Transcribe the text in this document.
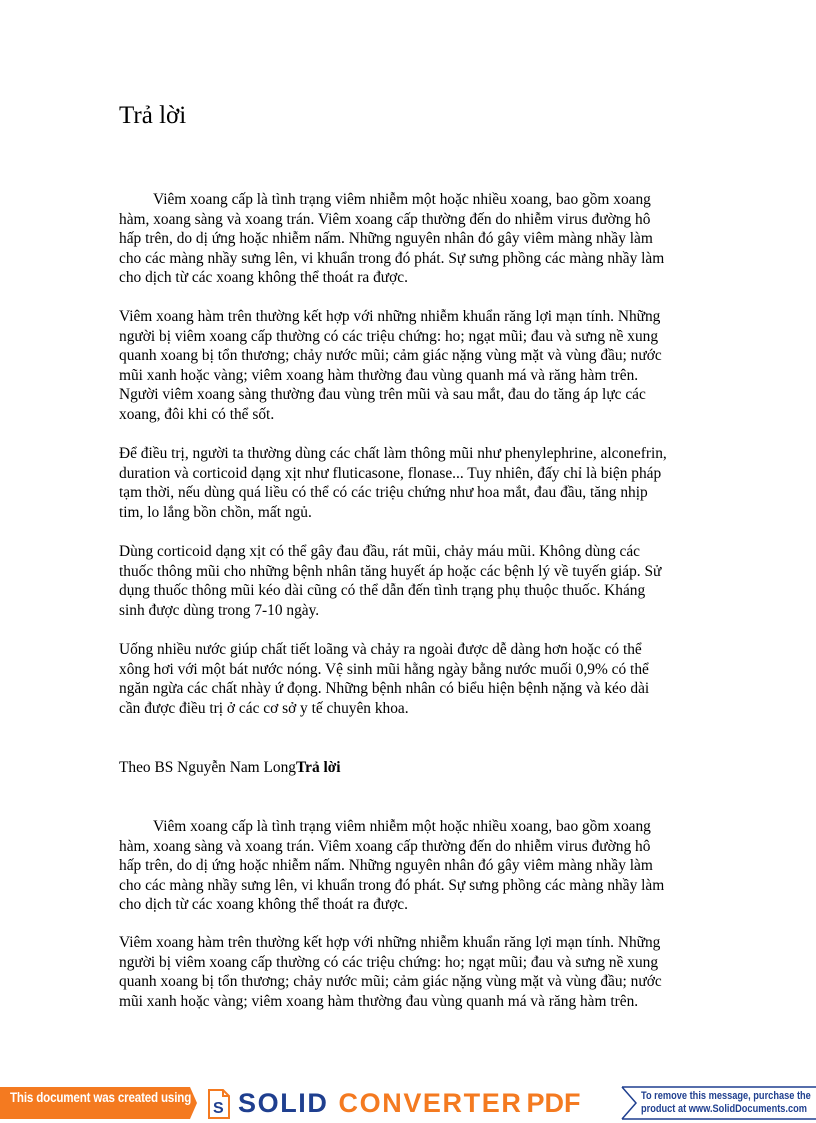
Trả lời

Viêm xoang cấp là tình trạng viêm nhiễm một hoặc nhiều xoang, bao gồm xoang
hàm, xoang sàng và xoang trán. Viêm xoang cấp thường đến do nhiễm virus đường hô
hấp trên, do dị ứng hoặc nhiễm nấm. Những nguyên nhân đó gây viêm màng nhầy làm
cho các màng nhầy sưng lên, vi khuẩn trong đó phát. Sự sưng phồng các màng nhầy làm
cho dịch từ các xoang không thể thoát ra được.

Viêm xoang hàm trên thường kết hợp với những nhiễm khuẩn răng lợi mạn tính. Những
người bị viêm xoang cấp thường có các triệu chứng: ho; ngạt mũi; đau và sưng nề xung
quanh xoang bị tổn thương; chảy nước mũi; cảm giác nặng vùng mặt và vùng đầu; nước
mũi xanh hoặc vàng; viêm xoang hàm thường đau vùng quanh má và răng hàm trên.
Người viêm xoang sàng thường đau vùng trên mũi và sau mắt, đau do tăng áp lực các
xoang, đôi khi có thể sốt.

Để điều trị, người ta thường dùng các chất làm thông mũi như phenylephrine, alconefrin,
duration và corticoid dạng xịt như fluticasone, flonase... Tuy nhiên, đấy chỉ là biện pháp
tạm thời, nếu dùng quá liều có thể có các triệu chứng như hoa mắt, đau đầu, tăng nhịp
tim, lo lắng bồn chồn, mất ngủ.

Dùng corticoid dạng xịt có thể gây đau đầu, rát mũi, chảy máu mũi. Không dùng các
thuốc thông mũi cho những bệnh nhân tăng huyết áp hoặc các bệnh lý về tuyến giáp. Sử
dụng thuốc thông mũi kéo dài cũng có thể dẫn đến tình trạng phụ thuộc thuốc. Kháng
sinh được dùng trong 7-10 ngày.

Uống nhiều nước giúp chất tiết loãng và chảy ra ngoài được dễ dàng hơn hoặc có thể
xông hơi với một bát nước nóng. Vệ sinh mũi hằng ngày bằng nước muối 0,9% có thể
ngăn ngừa các chất nhày ứ đọng. Những bệnh nhân có biểu hiện bệnh nặng và kéo dài
cần được điều trị ở các cơ sở y tế chuyên khoa.

Theo BS Nguyễn Nam LongTrả lời

Viêm xoang cấp là tình trạng viêm nhiễm một hoặc nhiều xoang, bao gồm xoang
hàm, xoang sàng và xoang trán. Viêm xoang cấp thường đến do nhiễm virus đường hô
hấp trên, do dị ứng hoặc nhiễm nấm. Những nguyên nhân đó gây viêm màng nhầy làm
cho các màng nhầy sưng lên, vi khuẩn trong đó phát. Sự sưng phồng các màng nhầy làm
cho dịch từ các xoang không thể thoát ra được.

Viêm xoang hàm trên thường kết hợp với những nhiễm khuẩn răng lợi mạn tính. Những
người bị viêm xoang cấp thường có các triệu chứng: ho; ngạt mũi; đau và sưng nề xung
quanh xoang bị tổn thương; chảy nước mũi; cảm giác nặng vùng mặt và vùng đầu; nước
mũi xanh hoặc vàng; viêm xoang hàm thường đau vùng quanh má và răng hàm trên.

This document was created using
S SOLID CONVERTER PDF	To remove this message, purchase the
product at www.SolidDocuments.com
